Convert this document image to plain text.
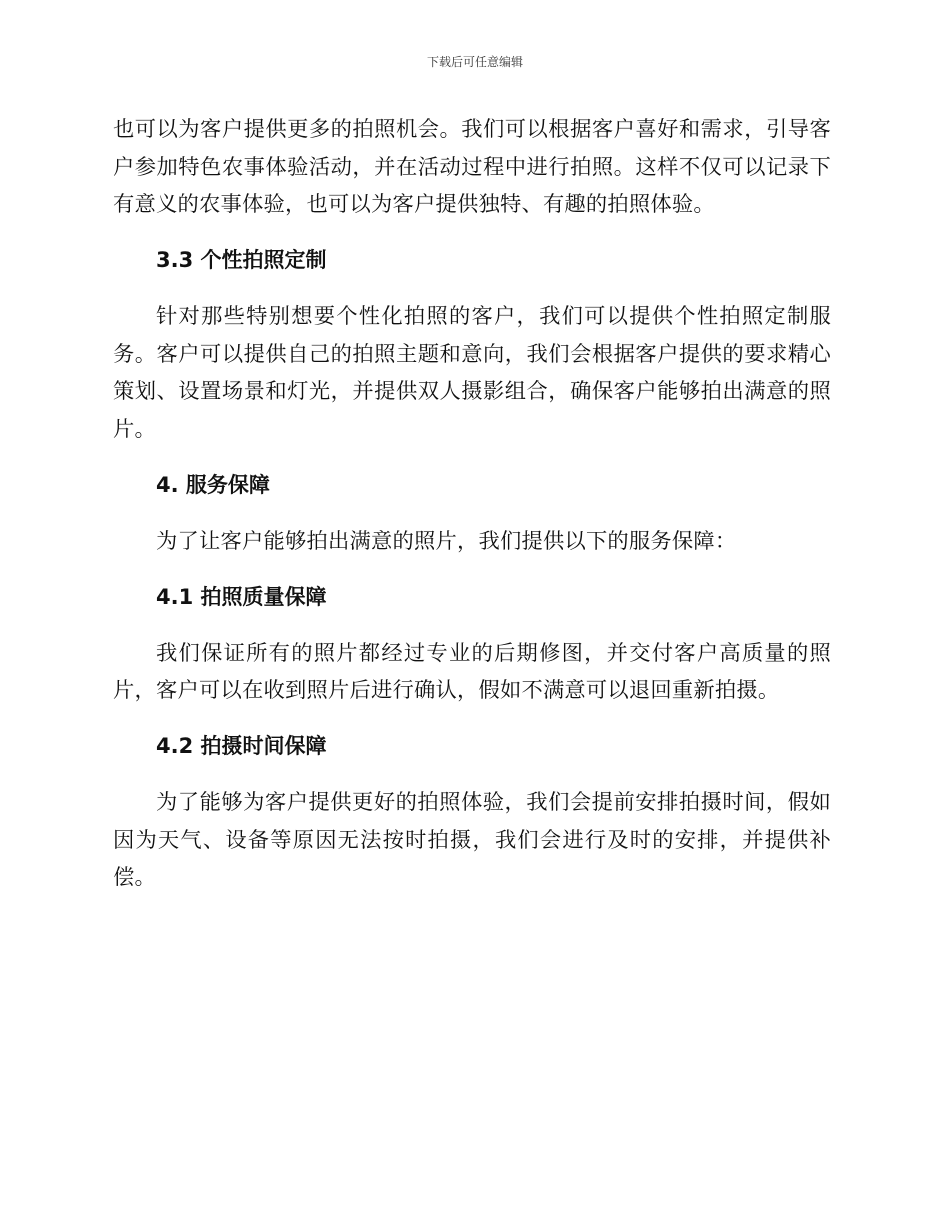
下载后可任意编辑

也可以为客户提供更多的拍照机会。我们可以根据客户喜好和需求，引导客户参加特色农事体验活动，并在活动过程中进行拍照。这样不仅可以记录下有意义的农事体验，也可以为客户提供独特、有趣的拍照体验。

3.3 个性拍照定制

针对那些特别想要个性化拍照的客户，我们可以提供个性拍照定制服务。客户可以提供自己的拍照主题和意向，我们会根据客户提供的要求精心策划、设置场景和灯光，并提供双人摄影组合，确保客户能够拍出满意的照片。

4. 服务保障

为了让客户能够拍出满意的照片，我们提供以下的服务保障：

4.1 拍照质量保障

我们保证所有的照片都经过专业的后期修图，并交付客户高质量的照片，客户可以在收到照片后进行确认，假如不满意可以退回重新拍摄。

4.2 拍摄时间保障

为了能够为客户提供更好的拍照体验，我们会提前安排拍摄时间，假如因为天气、设备等原因无法按时拍摄，我们会进行及时的安排，并提供补偿。
